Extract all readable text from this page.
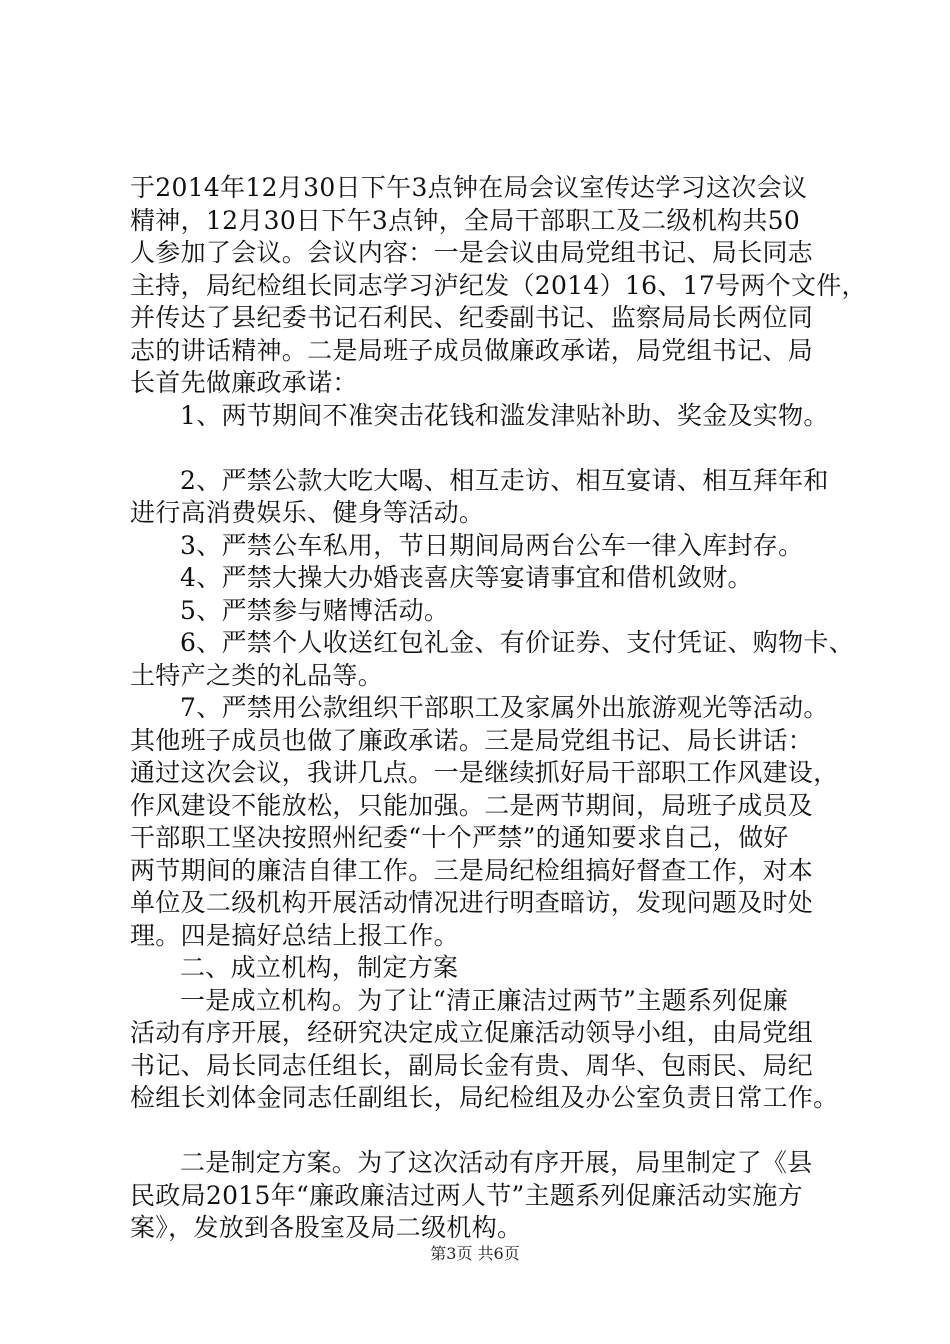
于2014年12月30日下午3点钟在局会议室传达学习这次会议
精神，12月30日下午3点钟，全局干部职工及二级机构共50
人参加了会议。会议内容：一是会议由局党组书记、局长同志
主持，局纪检组长同志学习泸纪发（2014）16、17号两个文件，
并传达了县纪委书记石利民、纪委副书记、监察局局长两位同
志的讲话精神。二是局班子成员做廉政承诺，局党组书记、局
长首先做廉政承诺：
1、两节期间不准突击花钱和滥发津贴补助、奖金及实物。
2、严禁公款大吃大喝、相互走访、相互宴请、相互拜年和
进行高消费娱乐、健身等活动。
3、严禁公车私用，节日期间局两台公车一律入库封存。
4、严禁大操大办婚丧喜庆等宴请事宜和借机敛财。
5、严禁参与赌博活动。
6、严禁个人收送红包礼金、有价证券、支付凭证、购物卡、
土特产之类的礼品等。
7、严禁用公款组织干部职工及家属外出旅游观光等活动。
其他班子成员也做了廉政承诺。三是局党组书记、局长讲话：
通过这次会议，我讲几点。一是继续抓好局干部职工作风建设，
作风建设不能放松，只能加强。二是两节期间，局班子成员及
干部职工坚决按照州纪委“十个严禁”的通知要求自己，做好
两节期间的廉洁自律工作。三是局纪检组搞好督查工作，对本
单位及二级机构开展活动情况进行明查暗访，发现问题及时处
理。四是搞好总结上报工作。
二、成立机构，制定方案
一是成立机构。为了让“清正廉洁过两节”主题系列促廉
活动有序开展，经研究决定成立促廉活动领导小组，由局党组
书记、局长同志任组长，副局长金有贵、周华、包雨民、局纪
检组长刘体金同志任副组长，局纪检组及办公室负责日常工作。
二是制定方案。为了这次活动有序开展，局里制定了《县
民政局2015年“廉政廉洁过两人节”主题系列促廉活动实施方
案》，发放到各股室及局二级机构。
第3页 共6页
